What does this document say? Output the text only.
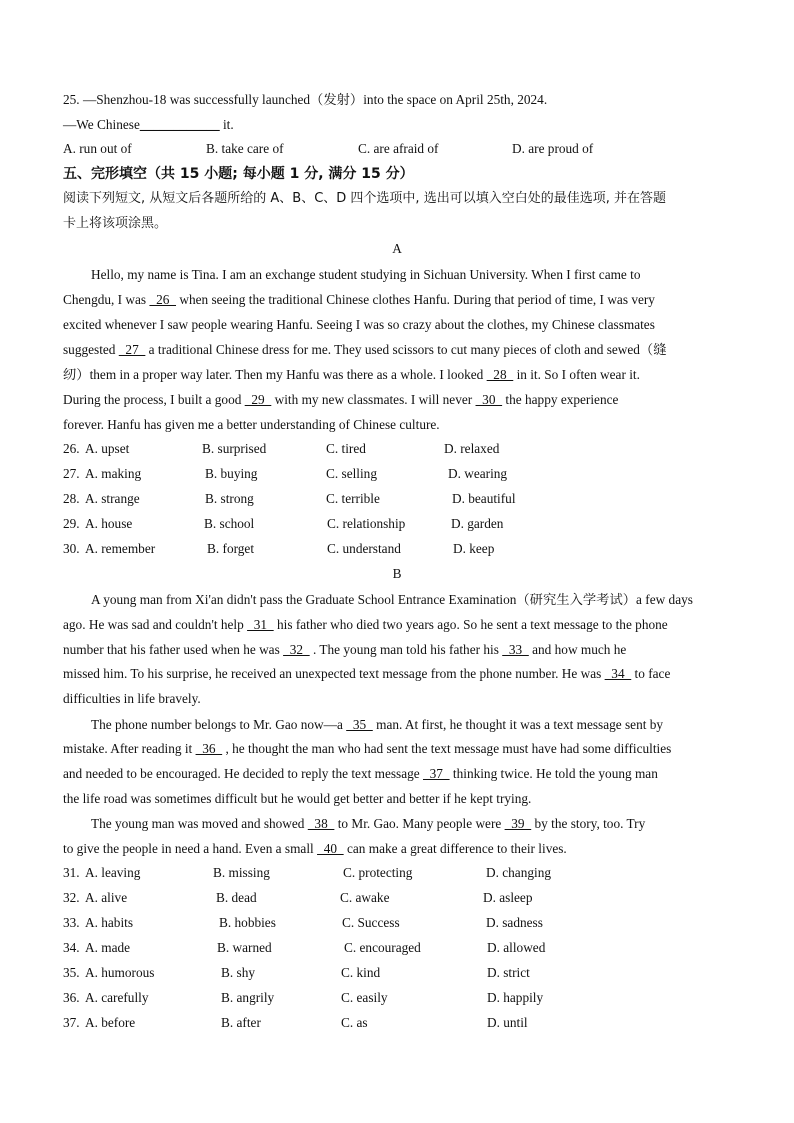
25. —Shenzhou-18 was successfully launched（发射）into the space on April 25th, 2024.
—We Chinese____________ it.
A. run out of	B. take care of	C. are afraid of	D. are proud of
五、完形填空（共 15 小题; 每小题 1 分, 满分 15 分）
阅读下列短文, 从短文后各题所给的 A、B、C、D 四个选项中, 选出可以填入空白处的最佳选项, 并在答题
卡上将该项涂黑。
A
Hello, my name is Tina. I am an exchange student studying in Sichuan University. When I first came to
Chengdu, I was   26   when seeing the traditional Chinese clothes Hanfu. During that period of time, I was very
excited whenever I saw people wearing Hanfu. Seeing I was so crazy about the clothes, my Chinese classmates
suggested   27   a traditional Chinese dress for me. They used scissors to cut many pieces of cloth and sewed（缝
纫）them in a proper way later. Then my Hanfu was there as a whole. I looked   28   in it. So I often wear it.
During the process, I built a good   29   with my new classmates. I will never   30   the happy experience
forever. Hanfu has given me a better understanding of Chinese culture.
26. A. upset	B. surprised	C. tired	D. relaxed
27. A. making	B. buying	C. selling	D. wearing
28. A. strange	B. strong	C. terrible	D. beautiful
29. A. house	B. school	C. relationship	D. garden
30. A. remember	B. forget	C. understand	D. keep
B
A young man from Xi'an didn't pass the Graduate School Entrance Examination（研究生入学考试）a few days
ago. He was sad and couldn't help   31   his father who died two years ago. So he sent a text message to the phone
number that his father used when he was   32   . The young man told his father his   33   and how much he
missed him. To his surprise, he received an unexpected text message from the phone number. He was   34   to face
difficulties in life bravely.
The phone number belongs to Mr. Gao now—a   35   man. At first, he thought it was a text message sent by
mistake. After reading it   36   , he thought the man who had sent the text message must have had some difficulties
and needed to be encouraged. He decided to reply the text message   37   thinking twice. He told the young man
the life road was sometimes difficult but he would get better and better if he kept trying.
The young man was moved and showed   38   to Mr. Gao. Many people were   39   by the story, too. Try
to give the people in need a hand. Even a small   40   can make a great difference to their lives.
31. A. leaving	B. missing	C. protecting	D. changing
32. A. alive	B. dead	C. awake	D. asleep
33. A. habits	B. hobbies	C. Success	D. sadness
34. A. made	B. warned	C. encouraged	D. allowed
35. A. humorous	B. shy	C. kind	D. strict
36. A. carefully	B. angrily	C. easily	D. happily
37. A. before	B. after	C. as	D. until
